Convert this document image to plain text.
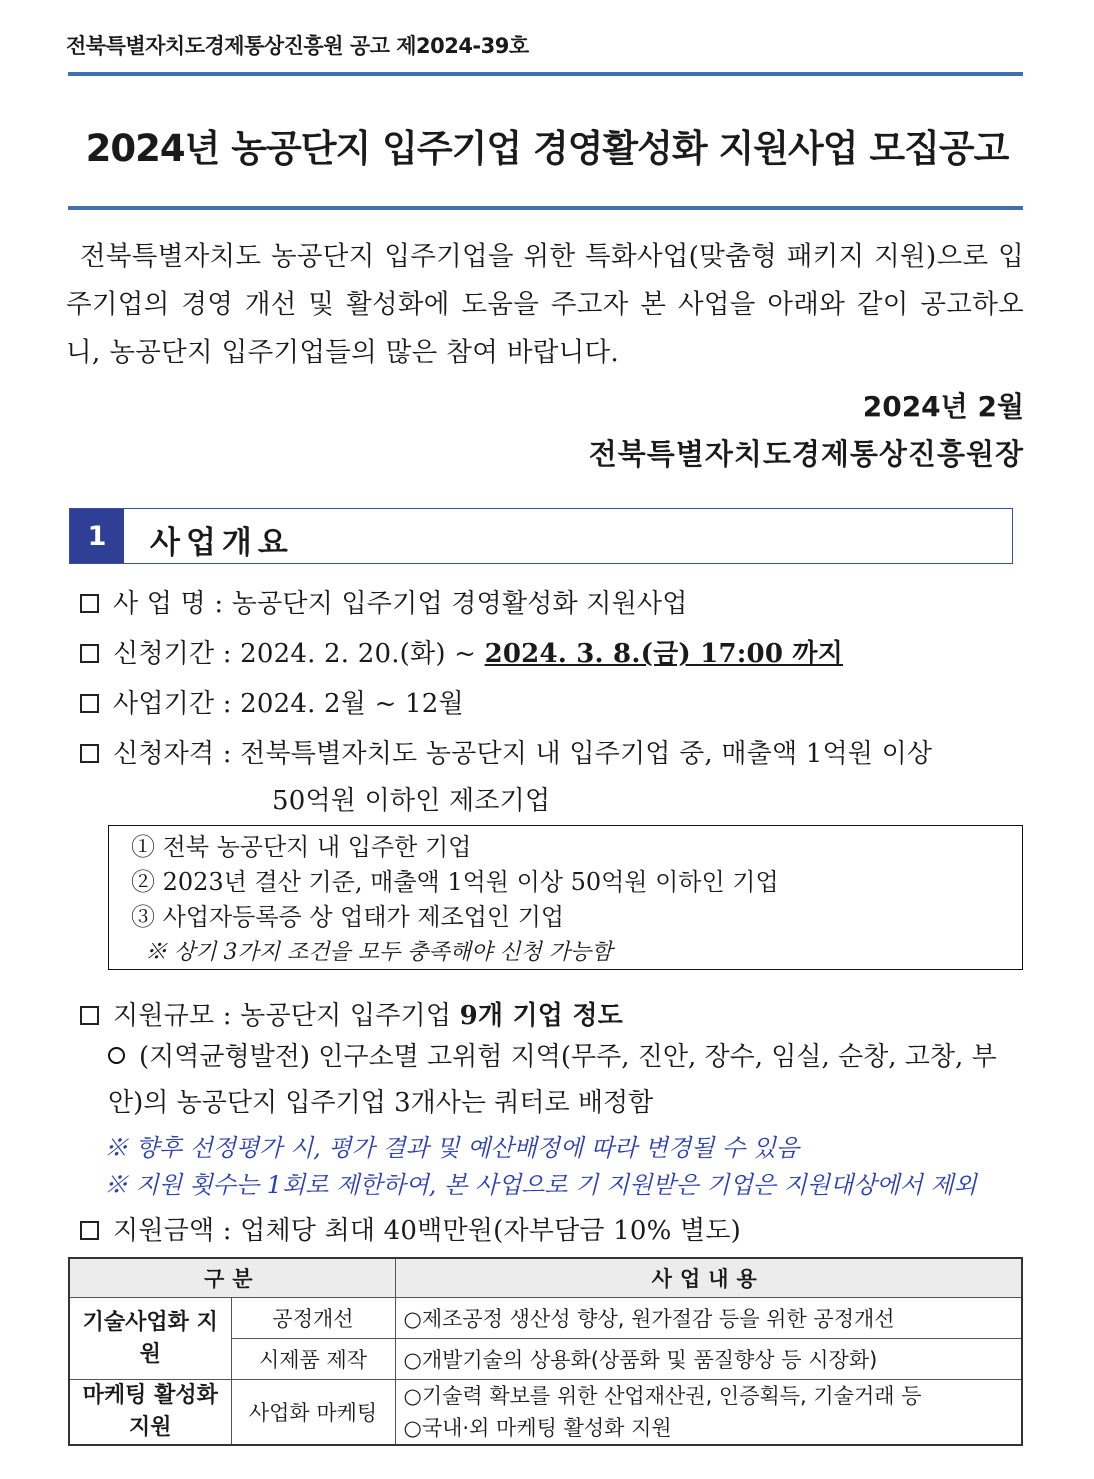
전북특별자치도경제통상진흥원 공고 제2024-39호
2024년 농공단지 입주기업 경영활성화 지원사업 모집공고
전북특별자치도 농공단지 입주기업을 위한 특화사업(맞춤형 패키지 지원)으로 입주기업의 경영 개선 및 활성화에 도움을 주고자 본 사업을 아래와 같이 공고하오니, 농공단지 입주기업들의 많은 참여 바랍니다.
2024년 2월
전북특별자치도경제통상진흥원장
1	사업개요
사 업 명 : 농공단지 입주기업 경영활성화 지원사업
신청기간 : 2024. 2. 20.(화) ~ 2024. 3. 8.(금) 17:00 까지
사업기간 : 2024. 2월 ~ 12월
신청자격 : 전북특별자치도 농공단지 내 입주기업 중, 매출액 1억원 이상
50억원 이하인 제조기업
① 전북 농공단지 내 입주한 기업
② 2023년 결산 기준, 매출액 1억원 이상 50억원 이하인 기업
③ 사업자등록증 상 업태가 제조업인 기업
※ 상기 3가지 조건을 모두 충족해야 신청 가능함
지원규모 : 농공단지 입주기업 9개 기업 정도
(지역균형발전) 인구소멸 고위험 지역(무주, 진안, 장수, 임실, 순창, 고창, 부안)의 농공단지 입주기업 3개사는 쿼터로 배정함
※ 향후 선정평가 시, 평가 결과 및 예산배정에 따라 변경될 수 있음
※ 지원 횟수는 1회로 제한하여, 본 사업으로 기 지원받은 기업은 지원대상에서 제외
지원금액 : 업체당 최대 40백만원(자부담금 10% 별도)
구분		사업내용
기술사업화 지원	공정개선	○제조공정 생산성 향상, 원가절감 등을 위한 공정개선
	시제품 제작	○개발기술의 상용화(상품화 및 품질향상 등 시장화)
마케팅 활성화 지원	사업화 마케팅	○기술력 확보를 위한 산업재산권, 인증획득, 기술거래 등
○국내·외 마케팅 활성화 지원
